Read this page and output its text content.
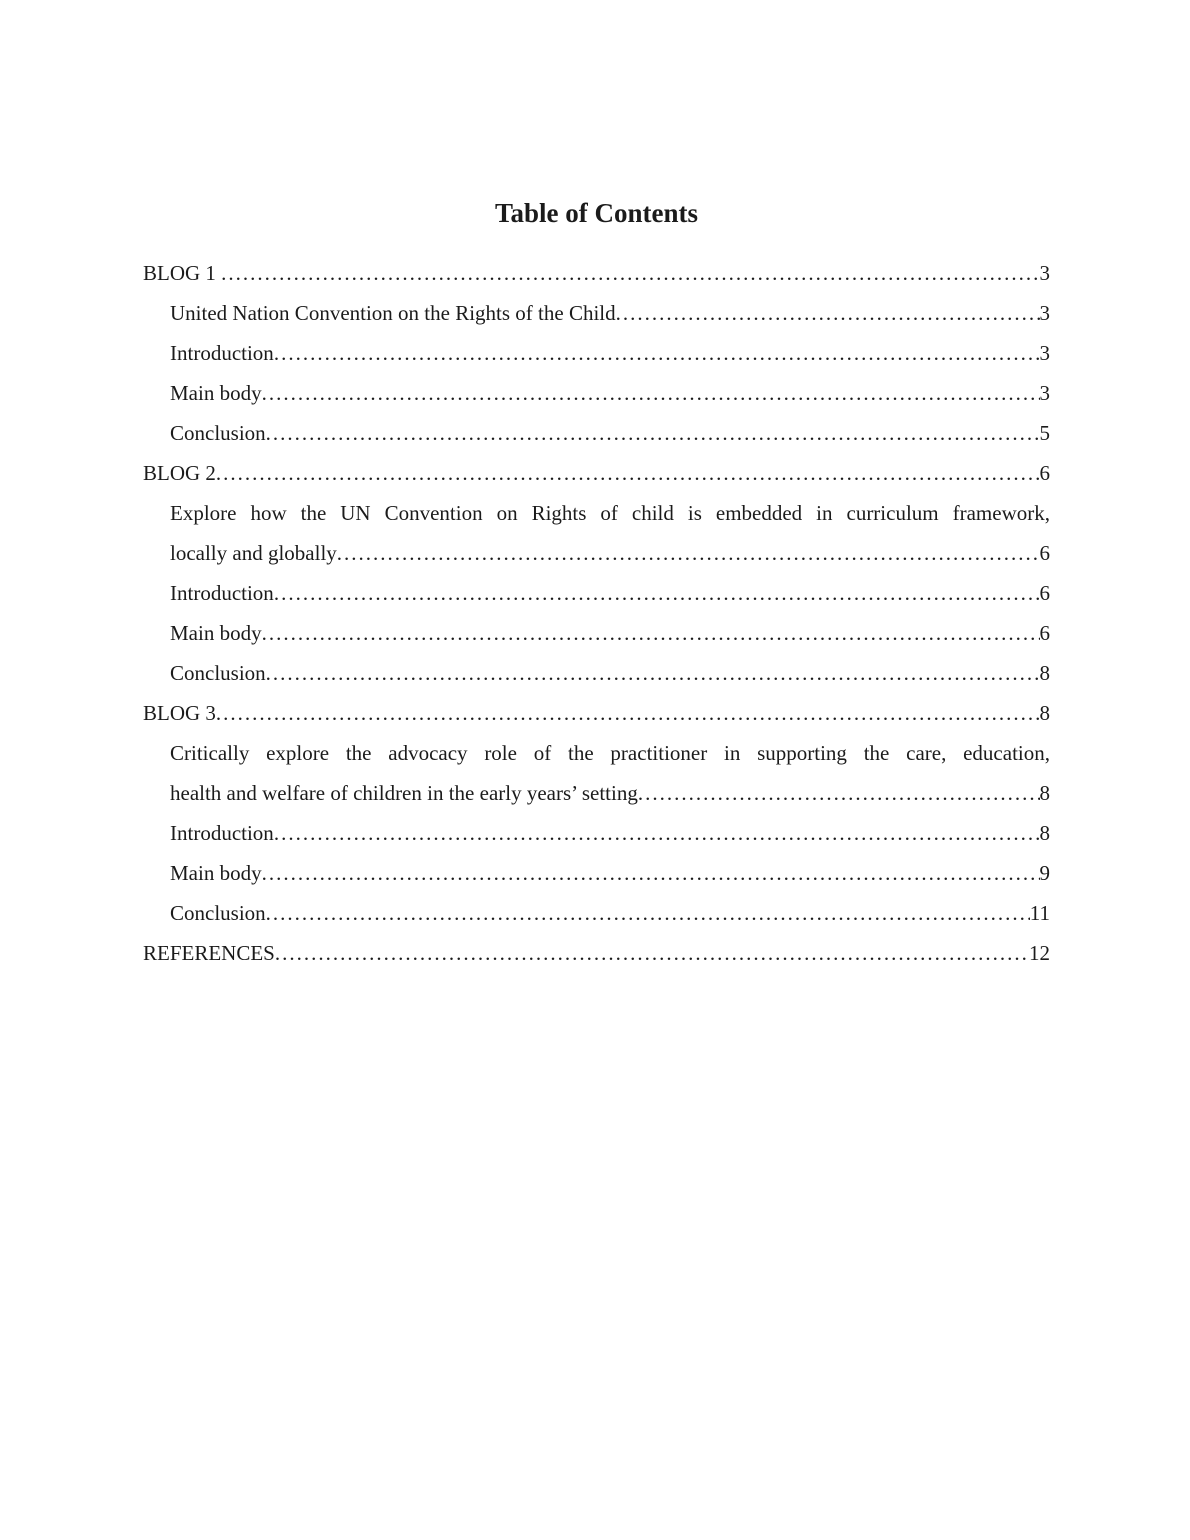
Table of Contents
BLOG 1 .....	3
United Nation Convention on the Rights of the Child .....	3
Introduction .....	3
Main body .....	3
Conclusion .....	5
BLOG 2 .....	6
Explore how the UN Convention on Rights of child is embedded in curriculum framework,
locally and globally .....	6
Introduction .....	6
Main body .....	6
Conclusion .....	8
BLOG 3 .....	8
Critically explore the advocacy role of the practitioner in supporting the care, education,
health and welfare of children in the early years’ setting .....	8
Introduction .....	8
Main body .....	9
Conclusion .....	11
REFERENCES .....	12
